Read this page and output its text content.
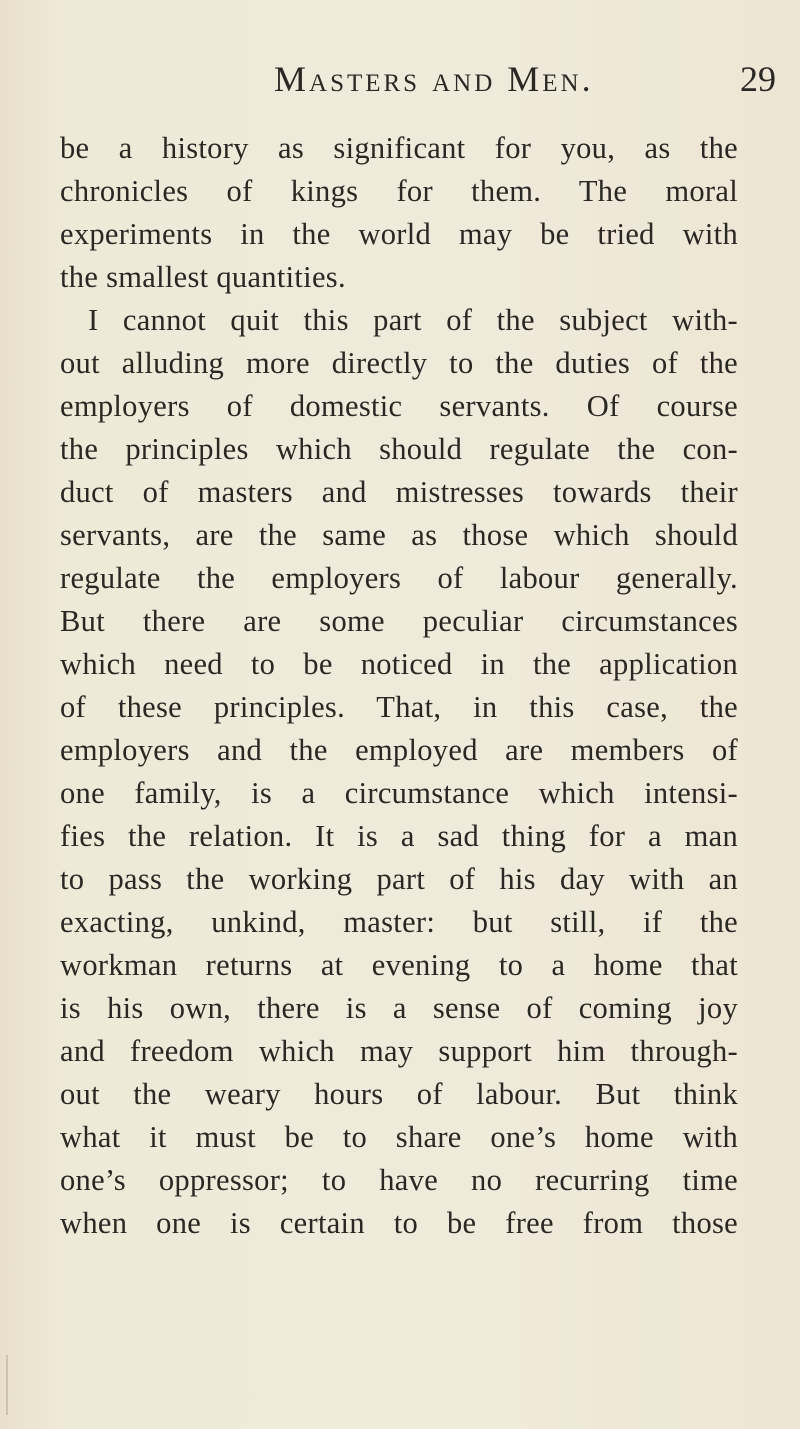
Masters and Men.	29
be a history as significant for you, as the
chronicles of kings for them. The moral
experiments in the world may be tried with
the smallest quantities.
I cannot quit this part of the subject with-
out alluding more directly to the duties of the
employers of domestic servants. Of course
the principles which should regulate the con-
duct of masters and mistresses towards their
servants, are the same as those which should
regulate the employers of labour generally.
But there are some peculiar circumstances
which need to be noticed in the application
of these principles. That, in this case, the
employers and the employed are members of
one family, is a circumstance which intensi-
fies the relation. It is a sad thing for a man
to pass the working part of his day with an
exacting, unkind, master: but still, if the
workman returns at evening to a home that
is his own, there is a sense of coming joy
and freedom which may support him through-
out the weary hours of labour. But think
what it must be to share one’s home with
one’s oppressor; to have no recurring time
when one is certain to be free from those
